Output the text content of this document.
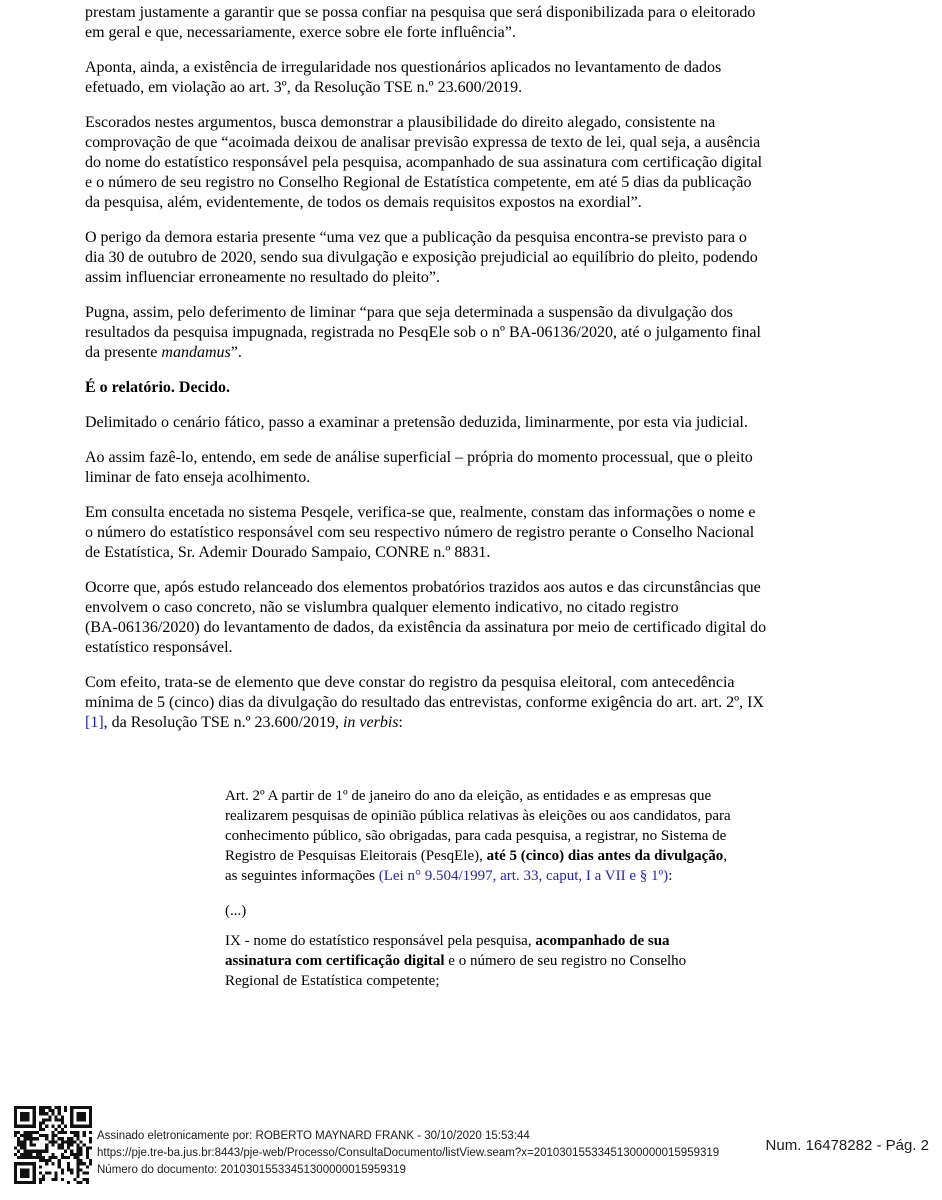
prestam justamente a garantir que se possa confiar na pesquisa que será disponibilizada para o eleitorado
em geral e que, necessariamente, exerce sobre ele forte influência”.
Aponta, ainda, a existência de irregularidade nos questionários aplicados no levantamento de dados
efetuado, em violação ao art. 3º, da Resolução TSE n.º 23.600/2019.
Escorados nestes argumentos, busca demonstrar a plausibilidade do direito alegado, consistente na
comprovação de que “acoimada deixou de analisar previsão expressa de texto de lei, qual seja, a ausência
do nome do estatístico responsável pela pesquisa, acompanhado de sua assinatura com certificação digital
e o número de seu registro no Conselho Regional de Estatística competente, em até 5 dias da publicação
da pesquisa, além, evidentemente, de todos os demais requisitos expostos na exordial”.
O perigo da demora estaria presente “uma vez que a publicação da pesquisa encontra-se previsto para o
dia 30 de outubro de 2020, sendo sua divulgação e exposição prejudicial ao equilíbrio do pleito, podendo
assim influenciar erroneamente no resultado do pleito”.
Pugna, assim, pelo deferimento de liminar “para que seja determinada a suspensão da divulgação dos
resultados da pesquisa impugnada, registrada no PesqEle sob o nº BA-06136/2020, até o julgamento final
da presente mandamus”.
É o relatório. Decido.
Delimitado o cenário fático, passo a examinar a pretensão deduzida, liminarmente, por esta via judicial.
Ao assim fazê-lo, entendo, em sede de análise superficial – própria do momento processual, que o pleito
liminar de fato enseja acolhimento.
Em consulta encetada no sistema Pesqele, verifica-se que, realmente, constam das informações o nome e
o número do estatístico responsável com seu respectivo número de registro perante o Conselho Nacional
de Estatística, Sr. Ademir Dourado Sampaio, CONRE n.º 8831.
Ocorre que, após estudo relanceado dos elementos probatórios trazidos aos autos e das circunstâncias que
envolvem o caso concreto, não se vislumbra qualquer elemento indicativo, no citado registro
(BA-06136/2020) do levantamento de dados, da existência da assinatura por meio de certificado digital do
estatístico responsável.
Com efeito, trata-se de elemento que deve constar do registro da pesquisa eleitoral, com antecedência
mínima de 5 (cinco) dias da divulgação do resultado das entrevistas, conforme exigência do art. art. 2º, IX
[1], da Resolução TSE n.º 23.600/2019, in verbis:
Art. 2º A partir de 1º de janeiro do ano da eleição, as entidades e as empresas que
realizarem pesquisas de opinião pública relativas às eleições ou aos candidatos, para
conhecimento público, são obrigadas, para cada pesquisa, a registrar, no Sistema de
Registro de Pesquisas Eleitorais (PesqEle), até 5 (cinco) dias antes da divulgação,
as seguintes informações (Lei n° 9.504/1997, art. 33, caput, I a VII e § 1º):
(...)
IX - nome do estatístico responsável pela pesquisa, acompanhado de sua
assinatura com certificação digital e o número de seu registro no Conselho
Regional de Estatística competente;
Assinado eletronicamente por: ROBERTO MAYNARD FRANK - 30/10/2020 15:53:44
https://pje.tre-ba.jus.br:8443/pje-web/Processo/ConsultaDocumento/listView.seam?x=20103015533451300000015959319
Número do documento: 20103015533451300000015959319
Num. 16478282 - Pág. 2
